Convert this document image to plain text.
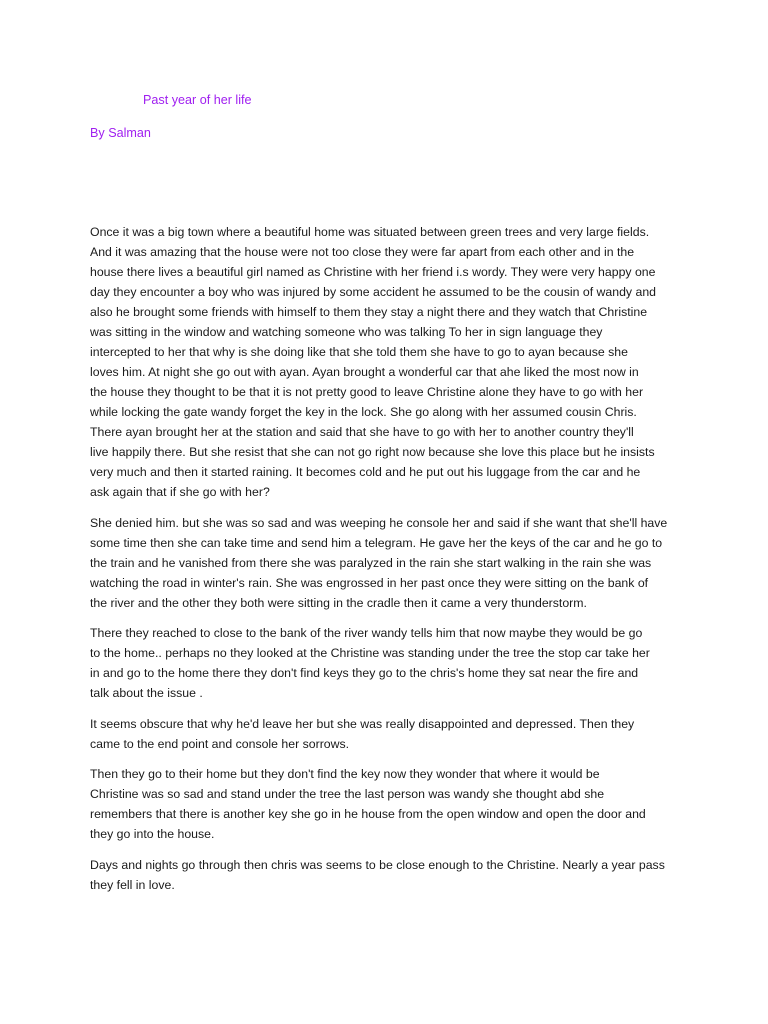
Past year of her life
By Salman

Once it was a big town where a beautiful home was situated between green trees and very large fields.
And it was amazing that the house were not too close they were far apart from each other and in the
house there lives a beautiful girl named as Christine with her friend i.s wordy. They were very happy one
day they encounter a boy who was injured by some accident he assumed to be the cousin of wandy and
also he brought some friends with himself to them they stay a night there and they watch that Christine
was sitting in the window and watching someone who was talking To her in sign language they
intercepted to her that why is she doing like that she told them she have to go to ayan because she
loves him. At night she go out with ayan. Ayan brought a wonderful car that ahe liked the most now in
the house they thought to be that it is not pretty good to leave Christine alone they have to go with her
while locking the gate wandy forget the key in the lock. She go along with her assumed cousin Chris.
There ayan brought her at the station and said that she have to go with her to another country they'll
live happily there. But she resist that she can not go right now because she love this place but he insists
very much and then it started raining. It becomes cold and he put out his luggage from the car and he
ask again that if she go with her?

She denied him. but she was so sad and was weeping he console her and said if she want that she'll have
some time then she can take time and send him a telegram. He gave her the keys of the car and he go to
the train and he vanished from there she was paralyzed in the rain she start walking in the rain she was
watching the road in winter's rain. She was engrossed in her past once they were sitting on the bank of
the river and the other they both were sitting in the cradle then it came a very thunderstorm.

There they reached to close to the bank of the river wandy tells him that now maybe they would be go
to the home.. perhaps no they looked at the Christine was standing under the tree the stop car take her
in and go to the home there they don't find keys they go to the chris's home they sat near the fire and
talk about the issue .

It seems obscure that why he'd leave her but she was really disappointed and depressed. Then they
came to the end point and console her sorrows.

Then they go to their home but they don't find the key now they wonder that where it would be
Christine was so sad and stand under the tree the last person was wandy she thought abd she
remembers that there is another key she go in he house from the open window and open the door and
they go into the house.

Days and nights go through then chris was seems to be close enough to the Christine. Nearly a year pass
they fell in love.
